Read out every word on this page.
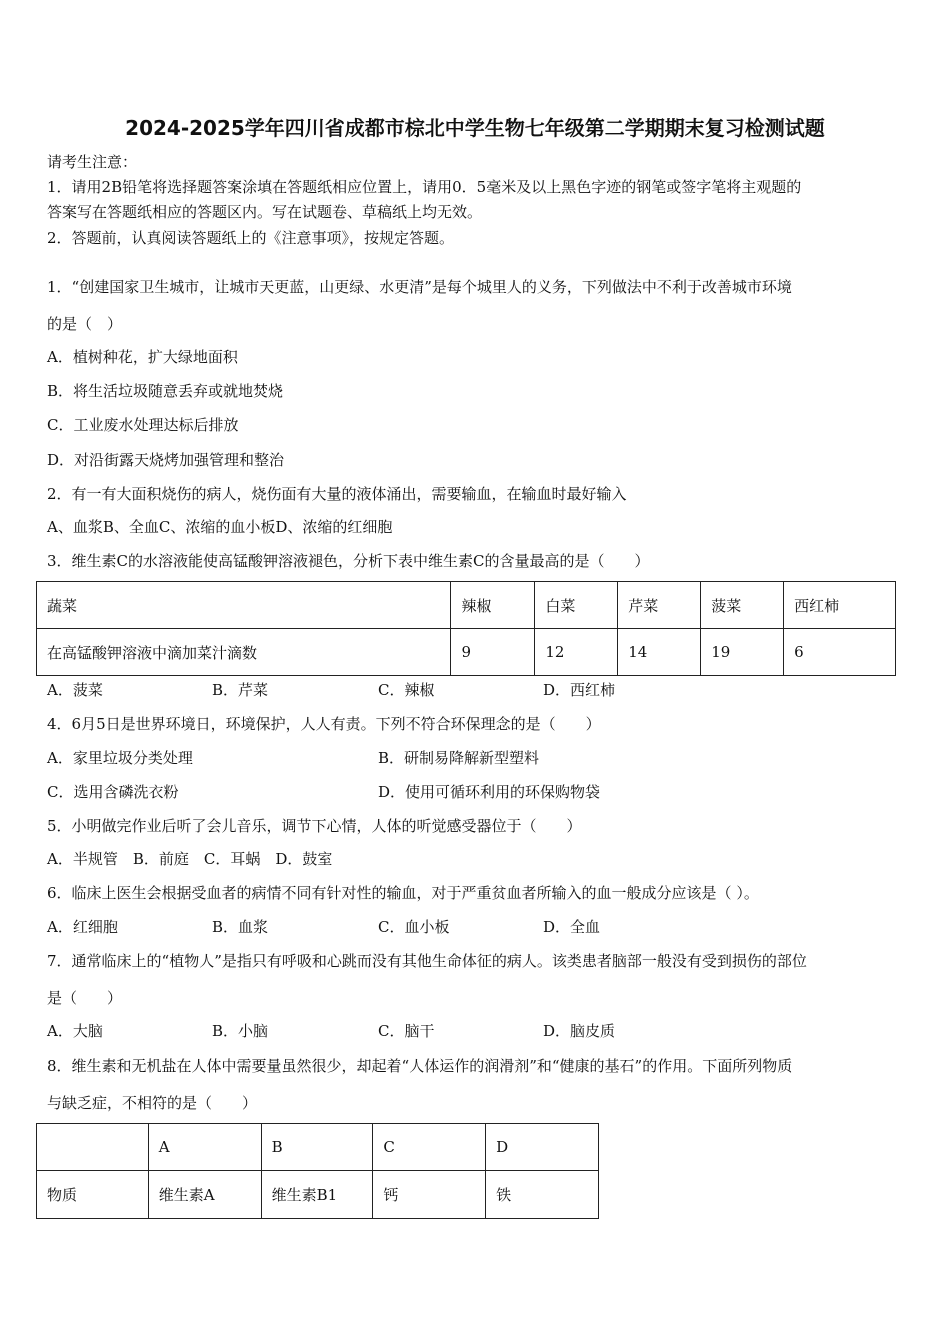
2024-2025学年四川省成都市棕北中学生物七年级第二学期期末复习检测试题
请考生注意：
1．请用2B铅笔将选择题答案涂填在答题纸相应位置上，请用0．5毫米及以上黑色字迹的钢笔或签字笔将主观题的
答案写在答题纸相应的答题区内。写在试题卷、草稿纸上均无效。
2．答题前，认真阅读答题纸上的《注意事项》，按规定答题。
1．“创建国家卫生城市，让城市天更蓝，山更绿、水更清”是每个城里人的义务，下列做法中不利于改善城市环境
的是（　）
A．植树种花，扩大绿地面积
B．将生活垃圾随意丢弃或就地焚烧
C．工业废水处理达标后排放
D．对沿街露天烧烤加强管理和整治
2．有一有大面积烧伤的病人，烧伤面有大量的液体涌出，需要输血，在输血时最好输入
A、血浆B、全血C、浓缩的血小板D、浓缩的红细胞
3．维生素C的水溶液能使高锰酸钾溶液褪色，分析下表中维生素C的含量最高的是（　　）
蔬菜	辣椒	白菜	芹菜	菠菜	西红柿
在高锰酸钾溶液中滴加菜汁滴数	9	12	14	19	6
A．菠菜	B．芹菜	C．辣椒	D．西红柿
4．6月5日是世界环境日，环境保护，人人有责。下列不符合环保理念的是（　　）
A．家里垃圾分类处理	B．研制易降解新型塑料
C．选用含磷洗衣粉	D．使用可循环利用的环保购物袋
5．小明做完作业后听了会儿音乐，调节下心情，人体的听觉感受器位于（　　）
A．半规管　B．前庭　C．耳蜗　D．鼓室
6．临床上医生会根据受血者的病情不同有针对性的输血，对于严重贫血者所输入的血一般成分应该是（ ）。
A．红细胞	B．血浆	C．血小板	D．全血
7．通常临床上的“植物人”是指只有呼吸和心跳而没有其他生命体征的病人。该类患者脑部一般没有受到损伤的部位
是（　　）
A．大脑	B．小脑	C．脑干	D．脑皮质
8．维生素和无机盐在人体中需要量虽然很少，却起着“人体运作的润滑剂”和“健康的基石”的作用。下面所列物质
与缺乏症，不相符的是（　　）
	A	B	C	D
物质	维生素A	维生素B1	钙	铁
